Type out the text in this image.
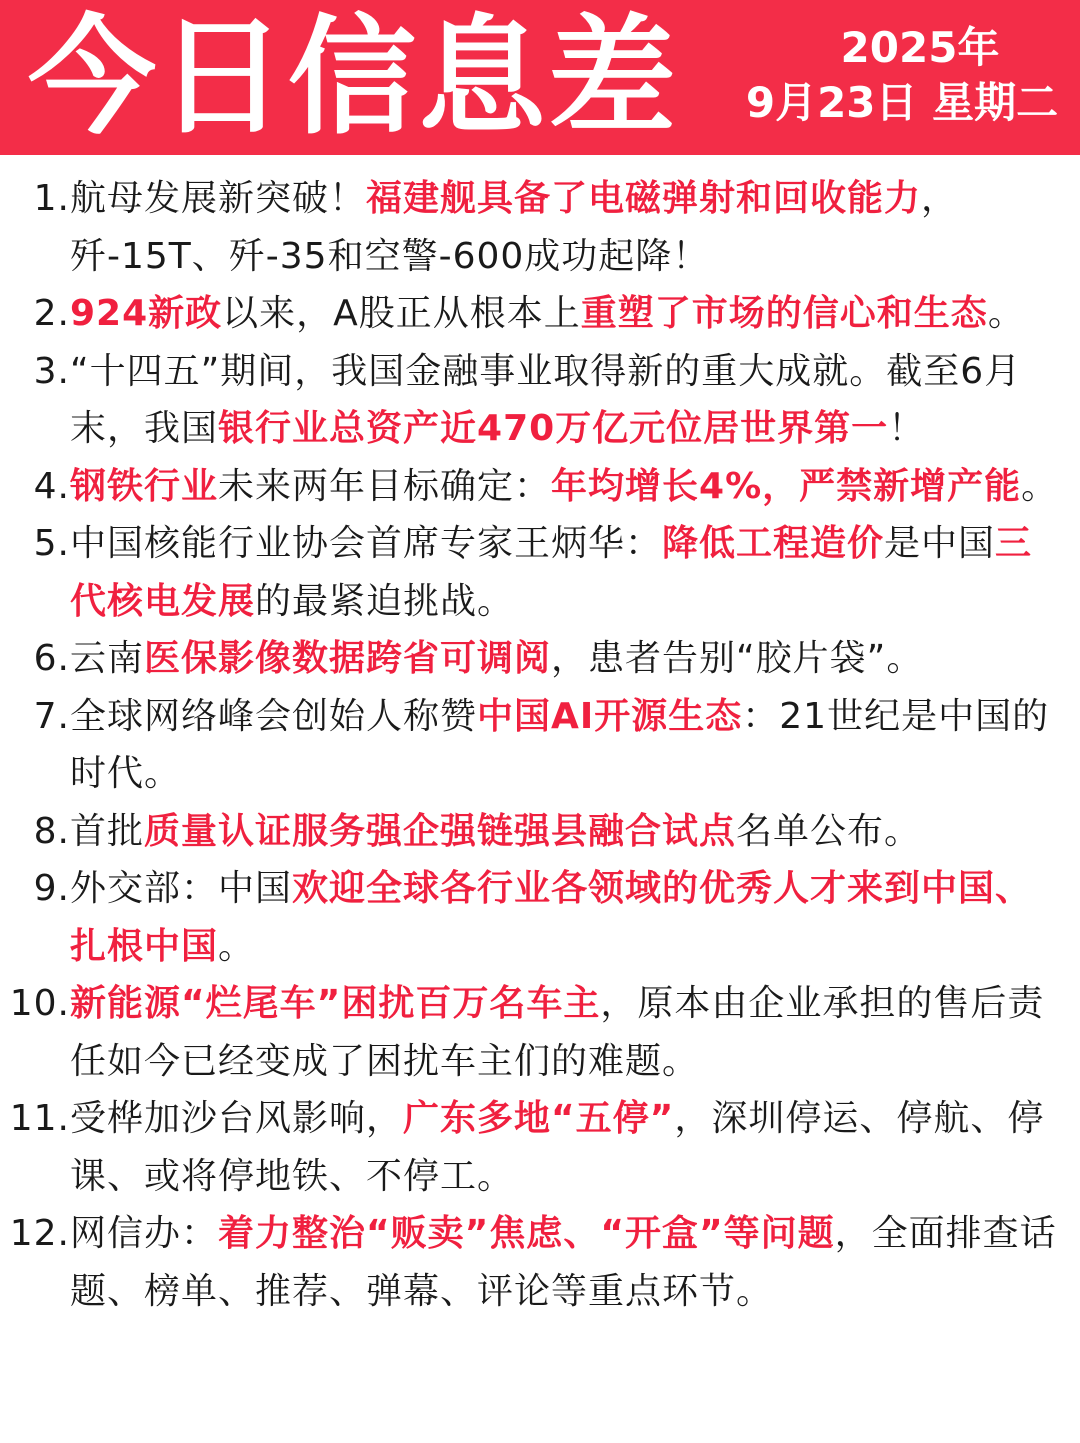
今日信息差	2025年
9月23日 星期二
1. 航母发展新突破！福建舰具备了电磁弹射和回收能力，歼-15T、歼-35和空警-600成功起降！
2. 924新政以来，A股正从根本上重塑了市场的信心和生态。
3. “十四五”期间，我国金融事业取得新的重大成就。截至6月末，我国银行业总资产近470万亿元位居世界第一！
4. 钢铁行业未来两年目标确定：年均增长4%，严禁新增产能。
5. 中国核能行业协会首席专家王炳华：降低工程造价是中国三代核电发展的最紧迫挑战。
6. 云南医保影像数据跨省可调阅，患者告别“胶片袋”。
7. 全球网络峰会创始人称赞中国AI开源生态：21世纪是中国的时代。
8. 首批质量认证服务强企强链强县融合试点名单公布。
9. 外交部：中国欢迎全球各行业各领域的优秀人才来到中国、扎根中国。
10. 新能源“烂尾车”困扰百万名车主，原本由企业承担的售后责任如今已经变成了困扰车主们的难题。
11. 受桦加沙台风影响，广东多地“五停”，深圳停运、停航、停课、或将停地铁、不停工。
12. 网信办：着力整治“贩卖”焦虑、“开盒”等问题，全面排查话题、榜单、推荐、弹幕、评论等重点环节。
